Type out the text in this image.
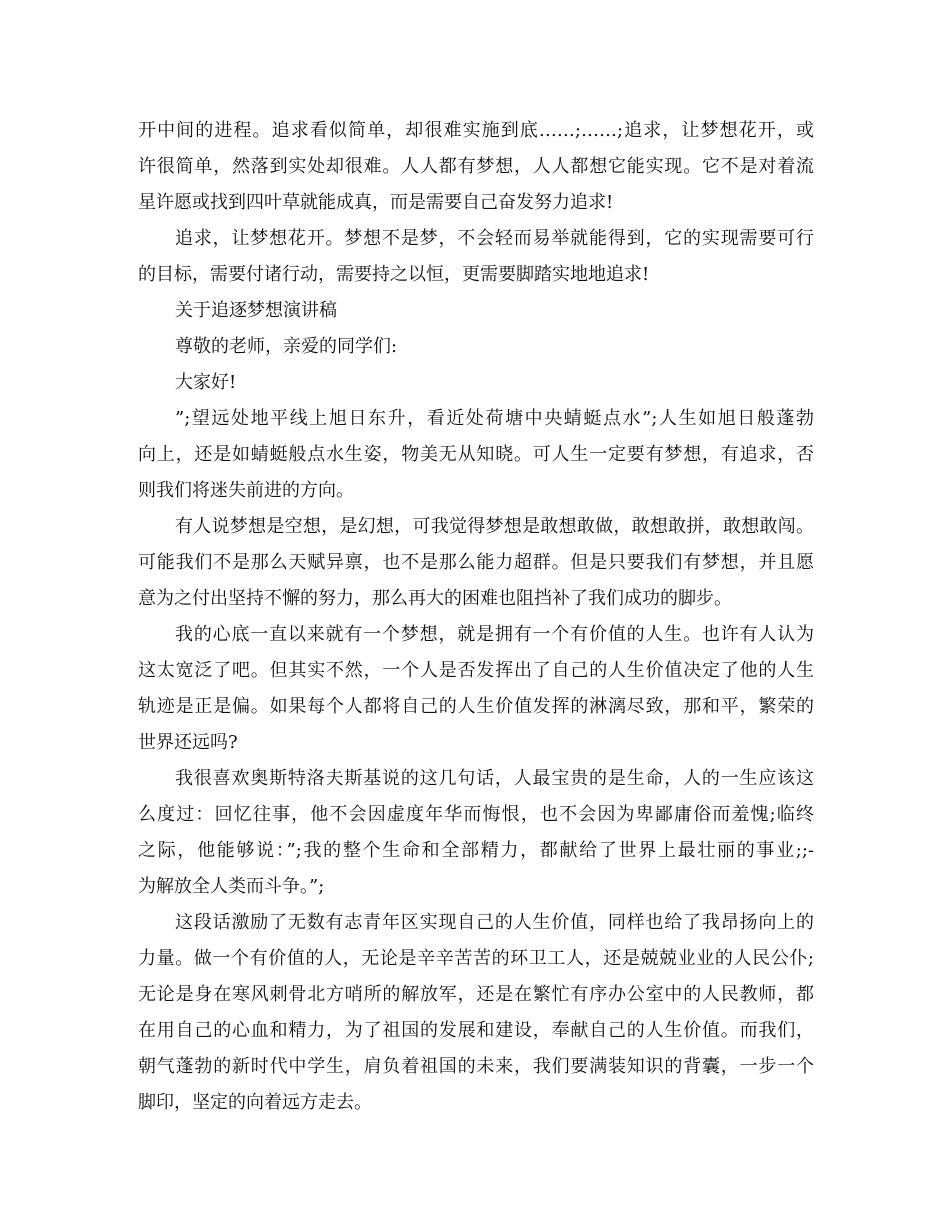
开中间的进程。追求看似简单，却很难实施到底……;……;追求，让梦想花开，或
许很简单，然落到实处却很难。人人都有梦想，人人都想它能实现。它不是对着流
星许愿或找到四叶草就能成真，而是需要自己奋发努力追求!
追求，让梦想花开。梦想不是梦，不会轻而易举就能得到，它的实现需要可行
的目标，需要付诸行动，需要持之以恒，更需要脚踏实地地追求!
关于追逐梦想演讲稿
尊敬的老师，亲爱的同学们:
大家好!
”;望远处地平线上旭日东升，看近处荷塘中央蜻蜓点水”;人生如旭日般蓬勃
向上，还是如蜻蜓般点水生姿，物美无从知晓。可人生一定要有梦想，有追求，否
则我们将迷失前进的方向。
有人说梦想是空想，是幻想，可我觉得梦想是敢想敢做，敢想敢拼，敢想敢闯。
可能我们不是那么天赋异禀，也不是那么能力超群。但是只要我们有梦想，并且愿
意为之付出坚持不懈的努力，那么再大的困难也阻挡补了我们成功的脚步。
我的心底一直以来就有一个梦想，就是拥有一个有价值的人生。也许有人认为
这太宽泛了吧。但其实不然，一个人是否发挥出了自己的人生价值决定了他的人生
轨迹是正是偏。如果每个人都将自己的人生价值发挥的淋漓尽致，那和平，繁荣的
世界还远吗?
我很喜欢奥斯特洛夫斯基说的这几句话，人最宝贵的是生命，人的一生应该这
么度过：回忆往事，他不会因虚度年华而悔恨，也不会因为卑鄙庸俗而羞愧;临终
之际，他能够说：”;我的整个生命和全部精力，都献给了世界上最壮丽的事业;;-
为解放全人类而斗争。”;
这段话激励了无数有志青年区实现自己的人生价值，同样也给了我昂扬向上的
力量。做一个有价值的人，无论是辛辛苦苦的环卫工人，还是兢兢业业的人民公仆;
无论是身在寒风刺骨北方哨所的解放军，还是在繁忙有序办公室中的人民教师，都
在用自己的心血和精力，为了祖国的发展和建设，奉献自己的人生价值。而我们，
朝气蓬勃的新时代中学生，肩负着祖国的未来，我们要满装知识的背囊，一步一个
脚印，坚定的向着远方走去。
